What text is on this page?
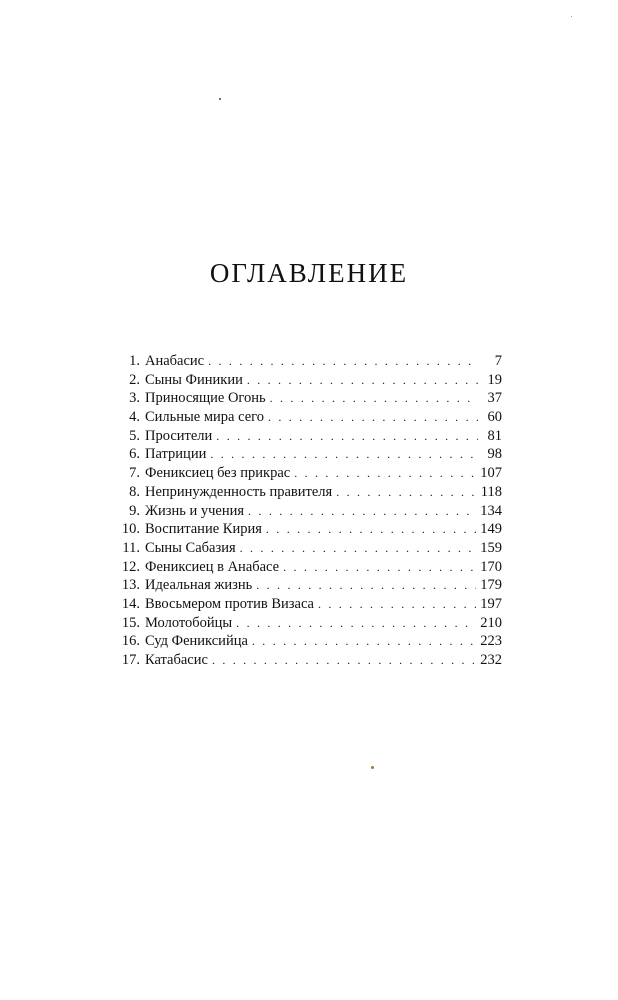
ОГЛАВЛЕНИЕ
1. Анабасис . . .	7
2. Сыны Финикии . . .	19
3. Приносящие Огонь . . .	37
4. Сильные мира сего . . .	60
5. Просители . . .	81
6. Патриции . . .	98
7. Фениксиец без прикрас . . .	107
8. Непринужденность правителя . . .	118
9. Жизнь и учения . . .	134
10. Воспитание Кирия . . .	149
11. Сыны Сабазия . . .	159
12. Фениксиец в Анабасе . . .	170
13. Идеальная жизнь . . .	179
14. Ввосьмером против Визаса . . .	197
15. Молотобойцы . . .	210
16. Суд Фениксийца . . .	223
17. Катабасис . . .	232
